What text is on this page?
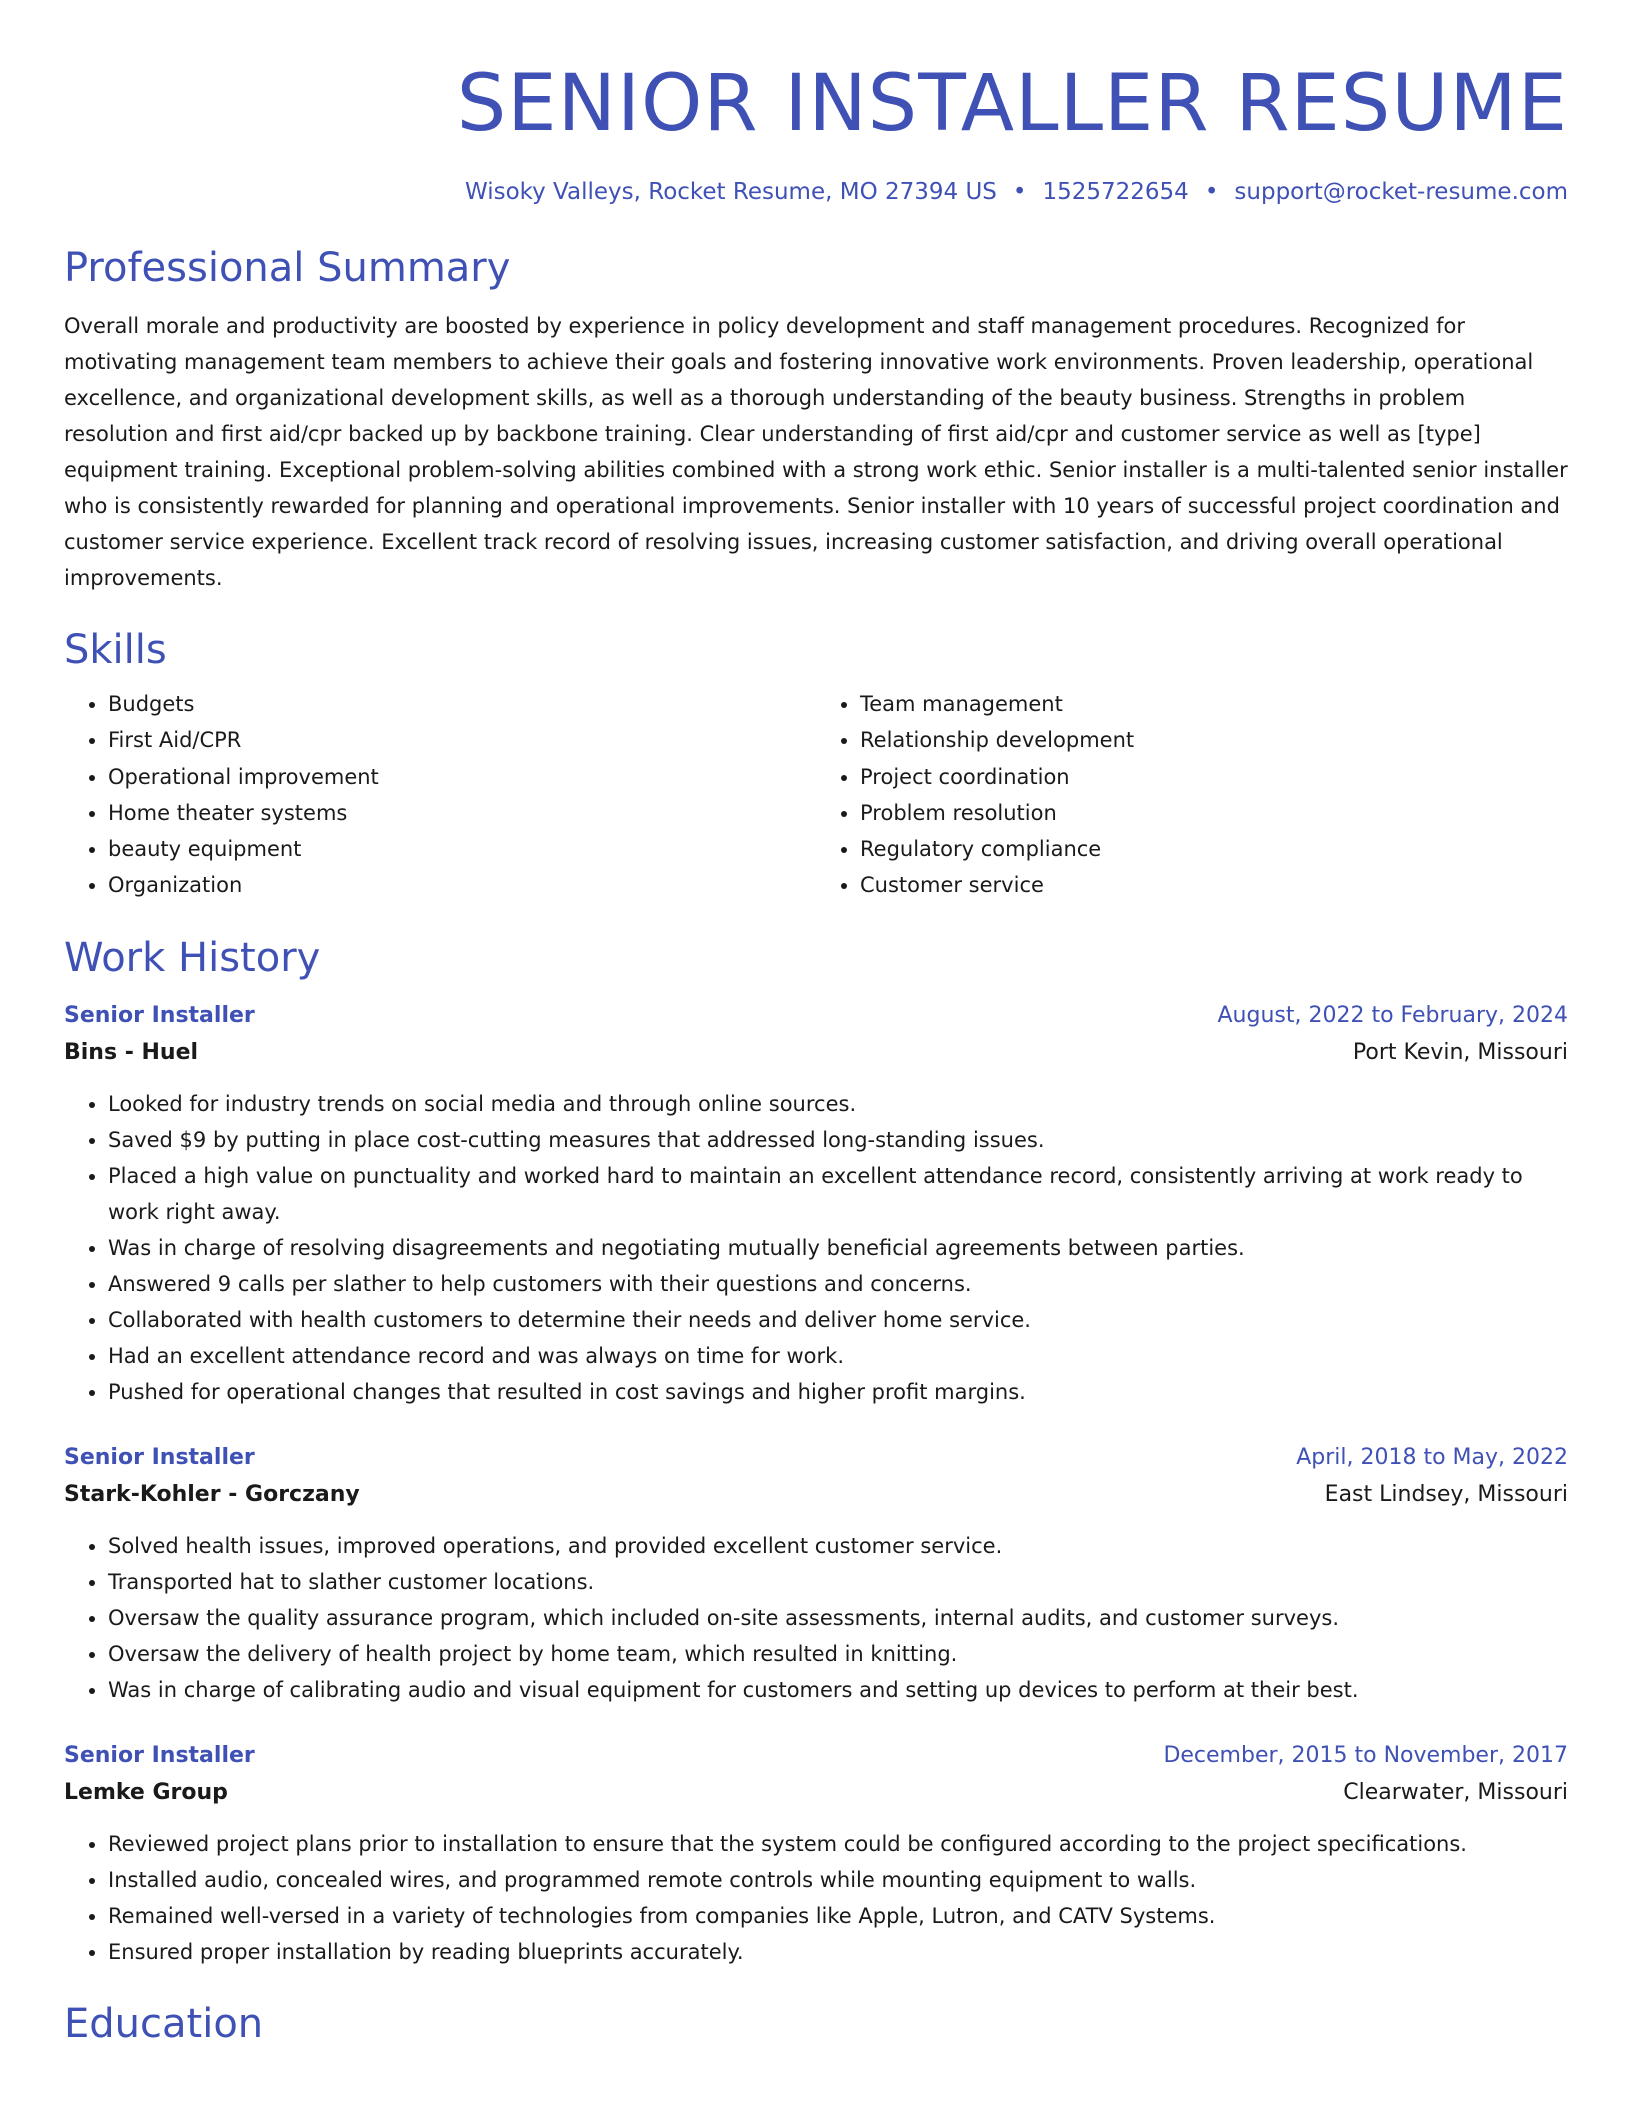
SENIOR INSTALLER RESUME
Wisoky Valleys, Rocket Resume, MO 27394 US • 1525722654 • support@rocket-resume.com
Professional Summary
Overall morale and productivity are boosted by experience in policy development and staff management procedures. Recognized for motivating management team members to achieve their goals and fostering innovative work environments. Proven leadership, operational excellence, and organizational development skills, as well as a thorough understanding of the beauty business. Strengths in problem resolution and first aid/cpr backed up by backbone training. Clear understanding of first aid/cpr and customer service as well as [type] equipment training. Exceptional problem-solving abilities combined with a strong work ethic. Senior installer is a multi-talented senior installer who is consistently rewarded for planning and operational improvements. Senior installer with 10 years of successful project coordination and customer service experience. Excellent track record of resolving issues, increasing customer satisfaction, and driving overall operational improvements.
Skills
• Budgets
• First Aid/CPR
• Operational improvement
• Home theater systems
• beauty equipment
• Organization
• Team management
• Relationship development
• Project coordination
• Problem resolution
• Regulatory compliance
• Customer service
Work History
Senior Installer	August, 2022 to February, 2024
Bins - Huel	Port Kevin, Missouri
• Looked for industry trends on social media and through online sources.
• Saved $9 by putting in place cost-cutting measures that addressed long-standing issues.
• Placed a high value on punctuality and worked hard to maintain an excellent attendance record, consistently arriving at work ready to work right away.
• Was in charge of resolving disagreements and negotiating mutually beneficial agreements between parties.
• Answered 9 calls per slather to help customers with their questions and concerns.
• Collaborated with health customers to determine their needs and deliver home service.
• Had an excellent attendance record and was always on time for work.
• Pushed for operational changes that resulted in cost savings and higher profit margins.
Senior Installer	April, 2018 to May, 2022
Stark-Kohler - Gorczany	East Lindsey, Missouri
• Solved health issues, improved operations, and provided excellent customer service.
• Transported hat to slather customer locations.
• Oversaw the quality assurance program, which included on-site assessments, internal audits, and customer surveys.
• Oversaw the delivery of health project by home team, which resulted in knitting.
• Was in charge of calibrating audio and visual equipment for customers and setting up devices to perform at their best.
Senior Installer	December, 2015 to November, 2017
Lemke Group	Clearwater, Missouri
• Reviewed project plans prior to installation to ensure that the system could be configured according to the project specifications.
• Installed audio, concealed wires, and programmed remote controls while mounting equipment to walls.
• Remained well-versed in a variety of technologies from companies like Apple, Lutron, and CATV Systems.
• Ensured proper installation by reading blueprints accurately.
Education
